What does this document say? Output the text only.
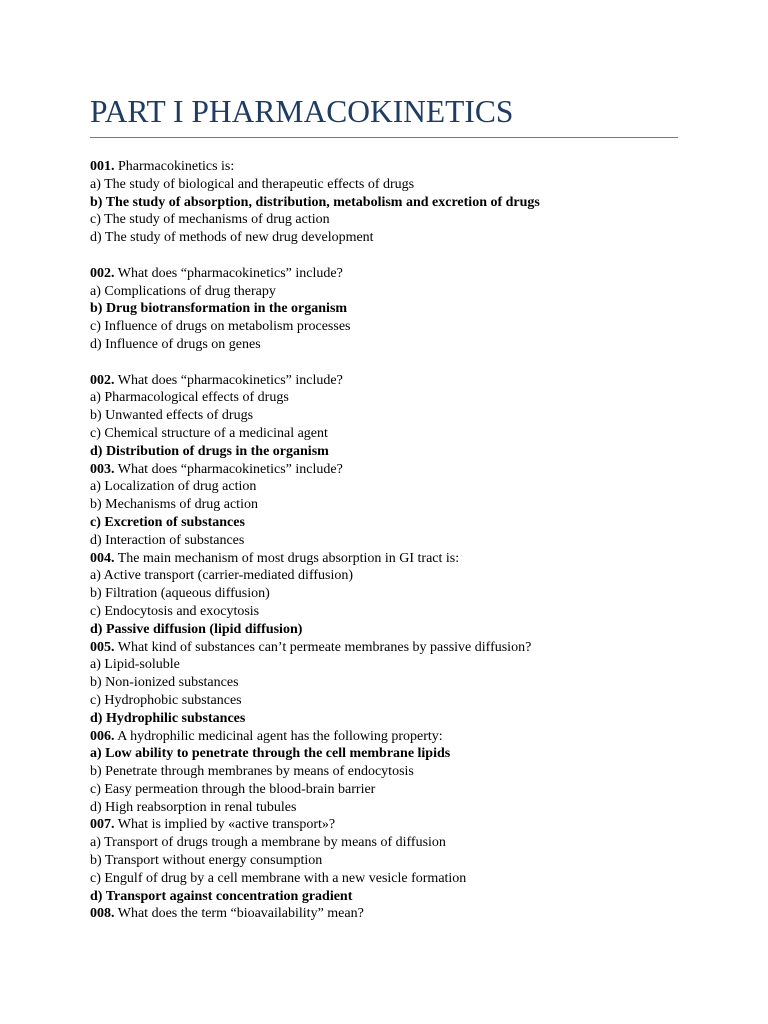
PART I PHARMACOKINETICS
001. Pharmacokinetics is:
a) The study of biological and therapeutic effects of drugs
b) The study of absorption, distribution, metabolism and excretion of drugs
c) The study of mechanisms of drug action
d) The study of methods of new drug development
002. What does “pharmacokinetics” include?
a) Complications of drug therapy
b) Drug biotransformation in the organism
c) Influence of drugs on metabolism processes
d) Influence of drugs on genes
002. What does “pharmacokinetics” include?
a) Pharmacological effects of drugs
b) Unwanted effects of drugs
c) Chemical structure of a medicinal agent
d) Distribution of drugs in the organism
003. What does “pharmacokinetics” include?
a) Localization of drug action
b) Mechanisms of drug action
c) Excretion of substances
d) Interaction of substances
004. The main mechanism of most drugs absorption in GI tract is:
a) Active transport (carrier-mediated diffusion)
b) Filtration (aqueous diffusion)
c) Endocytosis and exocytosis
d) Passive diffusion (lipid diffusion)
005. What kind of substances can’t permeate membranes by passive diffusion?
a) Lipid-soluble
b) Non-ionized substances
c) Hydrophobic substances
d) Hydrophilic substances
006. A hydrophilic medicinal agent has the following property:
a) Low ability to penetrate through the cell membrane lipids
b) Penetrate through membranes by means of endocytosis
c) Easy permeation through the blood-brain barrier
d) High reabsorption in renal tubules
007. What is implied by «active transport»?
a) Transport of drugs trough a membrane by means of diffusion
b) Transport without energy consumption
c) Engulf of drug by a cell membrane with a new vesicle formation
d) Transport against concentration gradient
008. What does the term “bioavailability” mean?
